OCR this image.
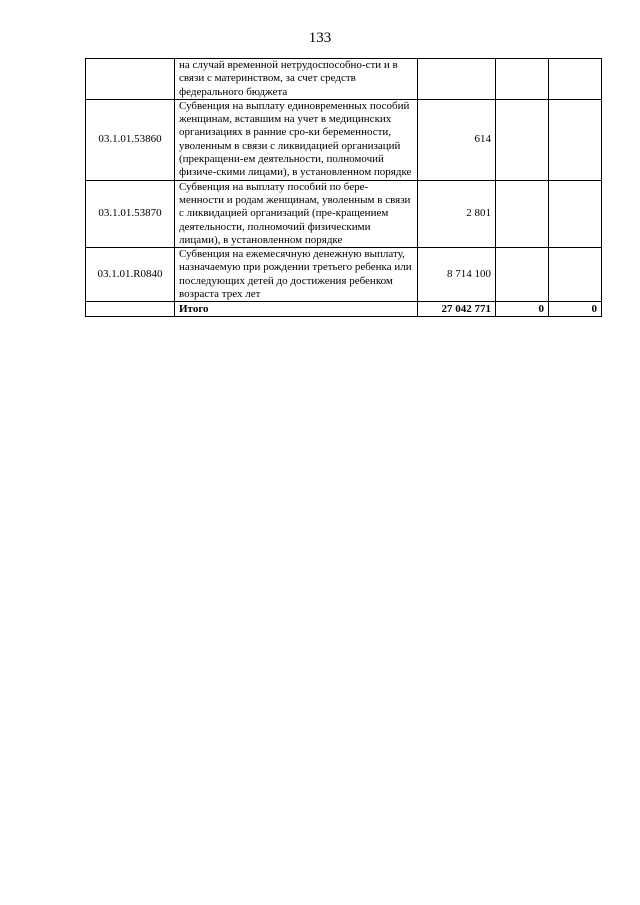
133
	на случай временной нетрудоспособно-сти и в связи с материнством, за счет средств федерального бюджета			
03.1.01.53860	Субвенция на выплату единовременных пособий женщинам, вставшим на учет в медицинских организациях в ранние сро-ки беременности, уволенным в связи с ликвидацией организаций (прекращени-ем деятельности, полномочий физиче-скими лицами), в установленном порядке	614		
03.1.01.53870	Субвенция на выплату пособий по бере-менности и родам женщинам, уволенным в связи с ликвидацией организаций (пре-кращением деятельности, полномочий физическими лицами), в установленном порядке	2 801		
03.1.01.R0840	Субвенция на ежемесячную денежную выплату, назначаемую при рождении третьего ребенка или последующих детей до достижения ребенком возраста трех лет	8 714 100		
	Итого	27 042 771	0	0
